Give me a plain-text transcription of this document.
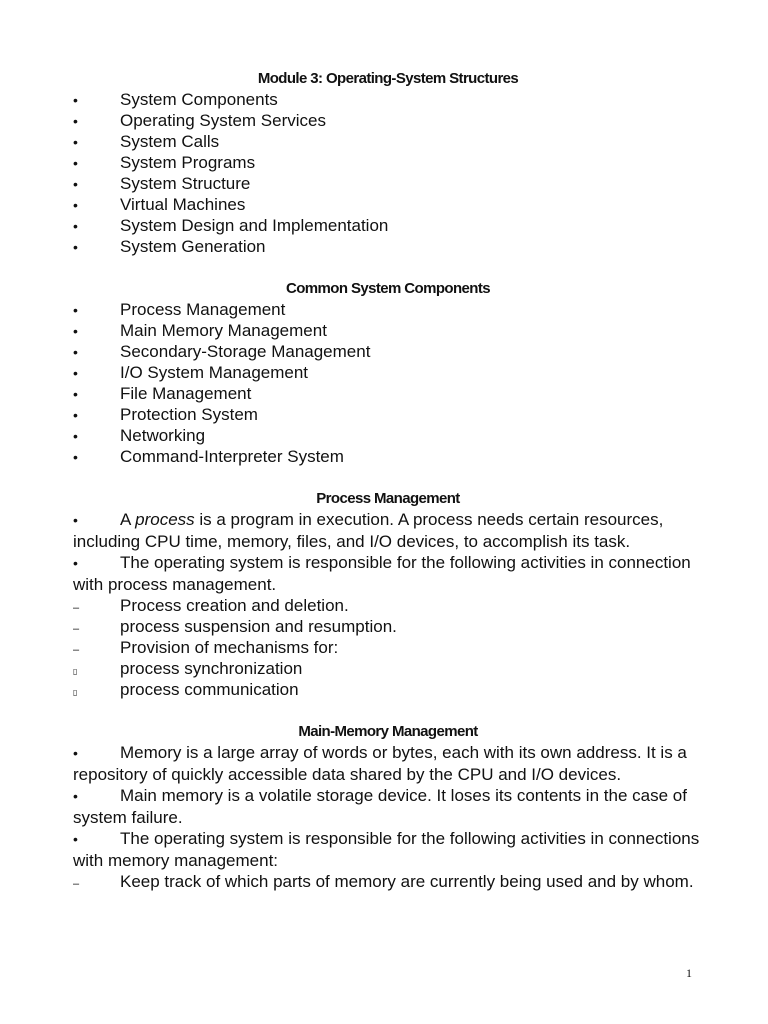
Module 3: Operating-System Structures
•	System Components
•	Operating System Services
•	System Calls
•	System Programs
•	System Structure
•	Virtual Machines
•	System Design and Implementation
•	System Generation
Common System Components
•	Process Management
•	Main Memory Management
•	Secondary-Storage Management
•	I/O System Management
•	File Management
•	Protection System
•	Networking
•	Command-Interpreter System
Process Management

• A process is a program in execution. A process needs certain resources, including CPU time, memory, files, and I/O devices, to accomplish its task.

• The operating system is responsible for the following activities in connection with process management.

–	Process creation and deletion.
–	process suspension and resumption.
–	Provision of mechanisms for:
▯	process synchronization
▯	process communication
Main-Memory Management

• Memory is a large array of words or bytes, each with its own address. It is a repository of quickly accessible data shared by the CPU and I/O devices.

• Main memory is a volatile storage device. It loses its contents in the case of system failure.

• The operating system is responsible for the following activities in connections with memory management:

– Keep track of which parts of memory are currently being used and by whom.

1
